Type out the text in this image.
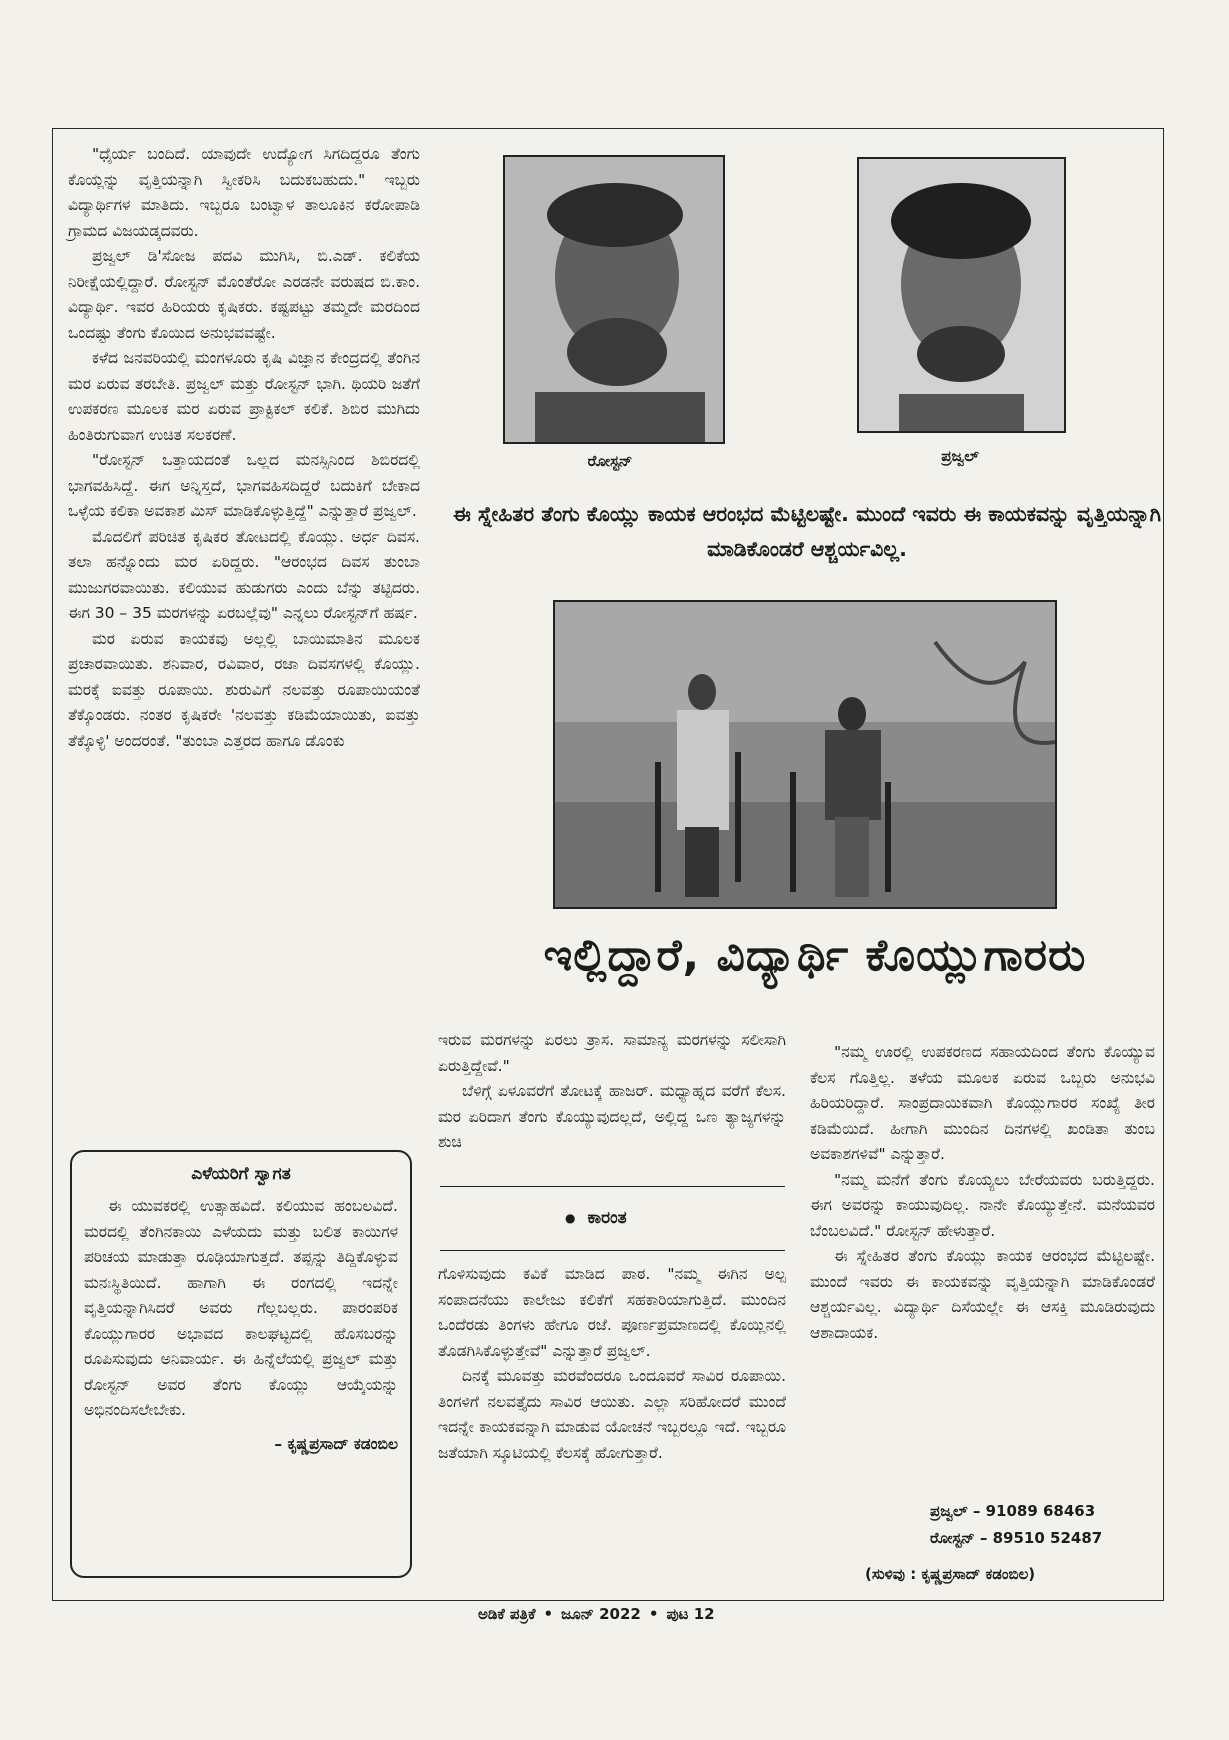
"ಧೈರ್ಯ ಬಂದಿದೆ. ಯಾವುದೇ ಉದ್ಯೋಗ ಸಿಗದಿದ್ದರೂ ತೆಂಗು ಕೊಯ್ಲನ್ನು ವೃತ್ತಿಯನ್ನಾಗಿ ಸ್ವೀಕರಿಸಿ ಬದುಕಬಹುದು." ಇಬ್ಬರು ವಿದ್ಯಾರ್ಥಿಗಳ ಮಾತಿದು. ಇಬ್ಬರೂ ಬಂಟ್ವಾಳ ತಾಲೂಕಿನ ಕರೋಪಾಡಿ ಗ್ರಾಮದ ವಿಜಯಡ್ಕದವರು.

ಪ್ರಜ್ವಲ್ ಡಿ'ಸೋಜ ಪದವಿ ಮುಗಿಸಿ, ಬಿ.ಎಡ್. ಕಲಿಕೆಯ ನಿರೀಕ್ಷೆಯಲ್ಲಿದ್ದಾರೆ. ರೋಸ್ಟನ್ ಮೊಂತೆರೋ ಎರಡನೇ ವರುಷದ ಬಿ.ಕಾಂ. ವಿದ್ಯಾರ್ಥಿ. ಇವರ ಹಿರಿಯರು ಕೃಷಿಕರು. ಕಷ್ಟಪಟ್ಟು ತಮ್ಮದೇ ಮರದಿಂದ ಒಂದಷ್ಟು ತೆಂಗು ಕೊಯಿದ ಅನುಭವವಷ್ಟೇ.

ಕಳೆದ ಜನವರಿಯಲ್ಲಿ ಮಂಗಳೂರು ಕೃಷಿ ವಿಜ್ಞಾನ ಕೇಂದ್ರದಲ್ಲಿ ತೆಂಗಿನ ಮರ ಏರುವ ತರಬೇತಿ. ಪ್ರಜ್ವಲ್ ಮತ್ತು ರೋಸ್ಟನ್ ಭಾಗಿ. ಥಿಯರಿ ಜತೆಗೆ ಉಪಕರಣ ಮೂಲಕ ಮರ ಏರುವ ಪ್ರಾಕ್ಟಿಕಲ್ ಕಲಿಕೆ. ಶಿಬಿರ ಮುಗಿದು ಹಿಂತಿರುಗುವಾಗ ಉಚಿತ ಸಲಕರಣೆ.

"ರೋಸ್ಟನ್ ಒತ್ತಾಯದಂತೆ ಒಲ್ಲದ ಮನಸ್ಸಿನಿಂದ ಶಿಬಿರದಲ್ಲಿ ಭಾಗವಹಿಸಿದ್ದೆ. ಈಗ ಅನ್ನಿಸ್ತದೆ, ಭಾಗವಹಿಸದಿದ್ದರೆ ಬದುಕಿಗೆ ಬೇಕಾದ ಒಳ್ಳೆಯ ಕಲಿಕಾ ಅವಕಾಶ ಮಿಸ್ ಮಾಡಿಕೊಳ್ಳುತ್ತಿದ್ದೆ" ಎನ್ನುತ್ತಾರೆ ಪ್ರಜ್ವಲ್.

ಮೊದಲಿಗೆ ಪರಿಚಿತ ಕೃಷಿಕರ ತೋಟದಲ್ಲಿ ಕೊಯ್ಲು. ಅರ್ಧ ದಿವಸ. ತಲಾ ಹನ್ನೊಂದು ಮರ ಏರಿದ್ದರು. "ಆರಂಭದ ದಿವಸ ತುಂಬಾ ಮುಜುಗರವಾಯಿತು. ಕಲಿಯುವ ಹುಡುಗರು ಎಂದು ಬೆನ್ನು ತಟ್ಟಿದರು. ಈಗ 30 – 35 ಮರಗಳನ್ನು ಏರಬಲ್ಲೆವು" ಎನ್ನಲು ರೋಸ್ಟನ್‌ಗೆ ಹರ್ಷ.

ಮರ ಏರುವ ಕಾಯಕವು ಅಲ್ಲಲ್ಲಿ ಬಾಯಿಮಾತಿನ ಮೂಲಕ ಪ್ರಚಾರವಾಯಿತು. ಶನಿವಾರ, ರವಿವಾರ, ರಜಾ ದಿವಸಗಳಲ್ಲಿ ಕೊಯ್ಲು. ಮರಕ್ಕೆ ಐವತ್ತು ರೂಪಾಯಿ. ಶುರುವಿಗೆ ನಲವತ್ತು ರೂಪಾಯಿಯಂತೆ ತೆಕ್ಕೊಂಡರು. ನಂತರ ಕೃಷಿಕರೇ 'ನಲವತ್ತು ಕಡಿಮೆಯಾಯಿತು, ಐವತ್ತು ತೆಕ್ಕೊಳ್ಳಿ' ಅಂದರಂತೆ. "ತುಂಬಾ ಎತ್ತರದ ಹಾಗೂ ಡೊಂಕು

ರೋಸ್ಟನ್	ಪ್ರಜ್ವಲ್
ಈ ಸ್ನೇಹಿತರ ತೆಂಗು ಕೊಯ್ಲು ಕಾಯಕ ಆರಂಭದ ಮೆಟ್ಟಿಲಷ್ಟೇ. ಮುಂದೆ ಇವರು ಈ ಕಾಯಕವನ್ನು ವೃತ್ತಿಯನ್ನಾಗಿ ಮಾಡಿಕೊಂಡರೆ ಆಶ್ಚರ್ಯವಿಲ್ಲ.
ಇಲ್ಲಿದ್ದಾರೆ, ವಿದ್ಯಾರ್ಥಿ ಕೊಯ್ಲುಗಾರರು

ಇರುವ ಮರಗಳನ್ನು ಏರಲು ತ್ರಾಸ. ಸಾಮಾನ್ಯ ಮರಗಳನ್ನು ಸಲೀಸಾಗಿ ಏರುತ್ತಿದ್ದೇವೆ."

ಬೆಳಿಗ್ಗೆ ಏಳೂವರೆಗೆ ತೋಟಕ್ಕೆ ಹಾಜರ್. ಮಧ್ಯಾಹ್ನದ ವರೆಗೆ ಕೆಲಸ. ಮರ ಏರಿದಾಗ ತೆಂಗು ಕೊಯ್ಯುವುದಲ್ಲದೆ, ಅಲ್ಲಿದ್ದ ಒಣ ತ್ಯಾಜ್ಯಗಳನ್ನು ಶುಚಿ

● ಕಾರಂತ

ಗೊಳಿಸುವುದು ಕವಿಕೆ ಮಾಡಿದ ಪಾಠ. "ನಮ್ಮ ಈಗಿನ ಅಲ್ಪ ಸಂಪಾದನೆಯು ಕಾಲೇಜು ಕಲಿಕೆಗೆ ಸಹಕಾರಿಯಾಗುತ್ತಿದೆ. ಮುಂದಿನ ಒಂದೆರಡು ತಿಂಗಳು ಹೇಗೂ ರಜೆ. ಪೂರ್ಣಪ್ರಮಾಣದಲ್ಲಿ ಕೊಯ್ಲಿನಲ್ಲಿ ತೊಡಗಿಸಿಕೊಳ್ಳುತ್ತೇವೆ" ಎನ್ನುತ್ತಾರೆ ಪ್ರಜ್ವಲ್.

ದಿನಕ್ಕೆ ಮೂವತ್ತು ಮರವೆಂದರೂ ಒಂದೂವರೆ ಸಾವಿರ ರೂಪಾಯಿ. ತಿಂಗಳಿಗೆ ನಲವತ್ತೈದು ಸಾವಿರ ಆಯಿತು. ಎಲ್ಲಾ ಸರಿಹೋದರೆ ಮುಂದೆ ಇದನ್ನೇ ಕಾಯಕವನ್ನಾಗಿ ಮಾಡುವ ಯೋಚನೆ ಇಬ್ಬರಲ್ಲೂ ಇದೆ. ಇಬ್ಬರೂ ಜತೆಯಾಗಿ ಸ್ಕೂಟಿಯಲ್ಲಿ ಕೆಲಸಕ್ಕೆ ಹೋಗುತ್ತಾರೆ.

"ನಮ್ಮ ಊರಲ್ಲಿ ಉಪಕರಣದ ಸಹಾಯದಿಂದ ತೆಂಗು ಕೊಯ್ಯುವ ಕೆಲಸ ಗೊತ್ತಿಲ್ಲ. ತಳೆಯ ಮೂಲಕ ಏರುವ ಒಬ್ಬರು ಅನುಭವಿ ಹಿರಿಯರಿದ್ದಾರೆ. ಸಾಂಪ್ರದಾಯಿಕವಾಗಿ ಕೊಯ್ಲುಗಾರರ ಸಂಖ್ಯೆ ತೀರ ಕಡಿಮೆಯಿದೆ. ಹೀಗಾಗಿ ಮುಂದಿನ ದಿನಗಳಲ್ಲಿ ಖಂಡಿತಾ ತುಂಬ ಅವಕಾಶಗಳಿವೆ" ಎನ್ನುತ್ತಾರೆ.

"ನಮ್ಮ ಮನೆಗೆ ತೆಂಗು ಕೊಯ್ಯಲು ಬೇರೆಯವರು ಬರುತ್ತಿದ್ದರು. ಈಗ ಅವರನ್ನು ಕಾಯುವುದಿಲ್ಲ. ನಾನೇ ಕೊಯ್ಯುತ್ತೇನೆ. ಮನೆಯವರ ಬೆಂಬಲವಿದೆ." ರೋಸ್ಟನ್ ಹೇಳುತ್ತಾರೆ.

ಈ ಸ್ನೇಹಿತರ ತೆಂಗು ಕೊಯ್ಲು ಕಾಯಕ ಆರಂಭದ ಮೆಟ್ಟಿಲಷ್ಟೇ. ಮುಂದೆ ಇವರು ಈ ಕಾಯಕವನ್ನು ವೃತ್ತಿಯನ್ನಾಗಿ ಮಾಡಿಕೊಂಡರೆ ಆಶ್ಚರ್ಯವಿಲ್ಲ. ವಿದ್ಯಾರ್ಥಿ ದಿಸೆಯಲ್ಲೇ ಈ ಆಸಕ್ತಿ ಮೂಡಿರುವುದು ಆಶಾದಾಯಕ.

ಪ್ರಜ್ವಲ್ – 91089 68463
ರೋಸ್ಟನ್ – 89510 52487
(ಸುಳಿವು : ಕೃಷ್ಣಪ್ರಸಾದ್ ಕಡಂಬಿಲ)
ಎಳೆಯರಿಗೆ ಸ್ವಾಗತ

ಈ ಯುವಕರಲ್ಲಿ ಉತ್ಸಾಹವಿದೆ. ಕಲಿಯುವ ಹಂಬಲವಿದೆ. ಮರದಲ್ಲಿ ತೆಂಗಿನಕಾಯಿ ಎಳೆಯದು ಮತ್ತು ಬಲಿತ ಕಾಯಿಗಳ ಪರಿಚಯ ಮಾಡುತ್ತಾ ರೂಢಿಯಾಗುತ್ತದೆ. ತಪ್ಪನ್ನು ತಿದ್ದಿಕೊಳ್ಳುವ ಮನಃಸ್ಥಿತಿಯಿದೆ. ಹಾಗಾಗಿ ಈ ರಂಗದಲ್ಲಿ ಇದನ್ನೇ ವೃತ್ತಿಯನ್ನಾಗಿಸಿದರೆ ಅವರು ಗೆಲ್ಲಬಲ್ಲರು. ಪಾರಂಪರಿಕ ಕೊಯ್ಲುಗಾರರ ಅಭಾವದ ಕಾಲಘಟ್ಟದಲ್ಲಿ ಹೊಸಬರನ್ನು ರೂಪಿಸುವುದು ಅನಿವಾರ್ಯ. ಈ ಹಿನ್ನೆಲೆಯಲ್ಲಿ ಪ್ರಜ್ವಲ್ ಮತ್ತು ರೋಸ್ಟನ್ ಅವರ ತೆಂಗು ಕೊಯ್ಲು ಆಯ್ಕೆಯನ್ನು ಅಭಿನಂದಿಸಲೇಬೇಕು.

– ಕೃಷ್ಣಪ್ರಸಾದ್ ಕಡಂಬಿಲ

ಅಡಿಕೆ ಪತ್ರಿಕೆ • ಜೂನ್ 2022 • ಪುಟ 12
